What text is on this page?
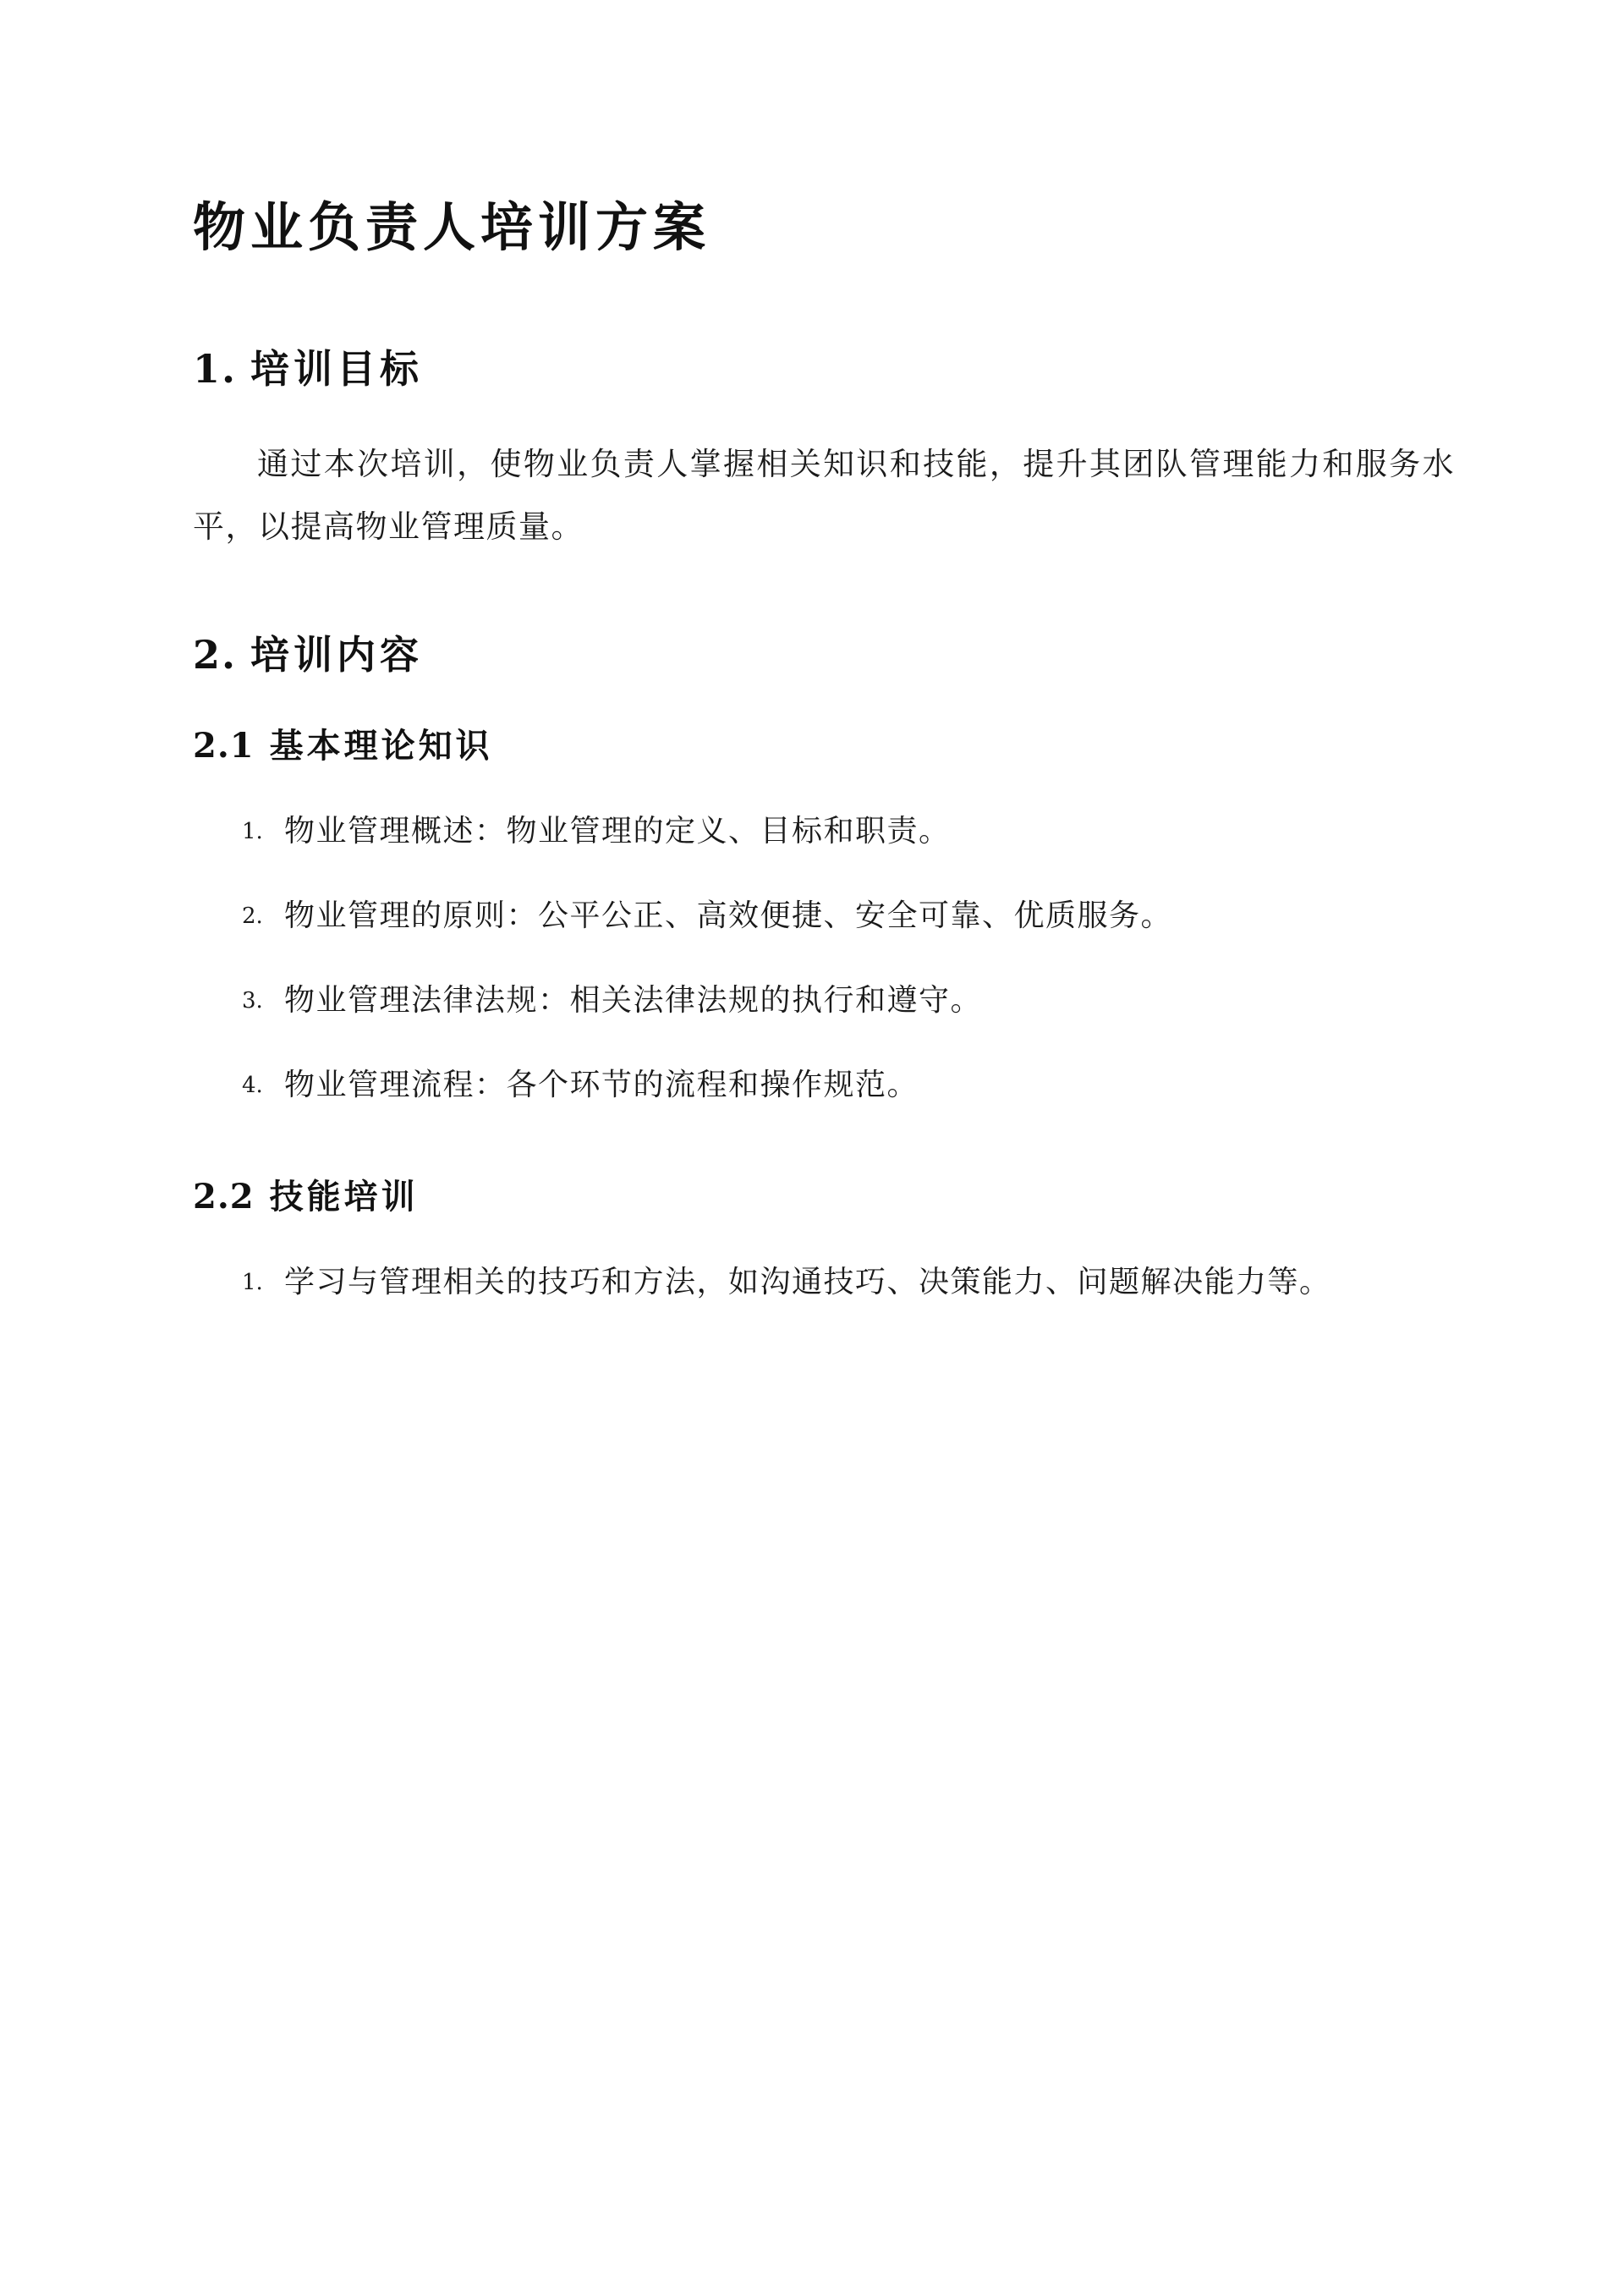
物业负责人培训方案
1. 培训目标

通过本次培训，使物业负责人掌握相关知识和技能，提升其团队管理能力和服务水平，以提高物业管理质量。

2. 培训内容
2.1 基本理论知识
1. 物业管理概述：物业管理的定义、目标和职责。
2. 物业管理的原则：公平公正、高效便捷、安全可靠、优质服务。
3. 物业管理法律法规：相关法律法规的执行和遵守。
4. 物业管理流程：各个环节的流程和操作规范。
2.2 技能培训
1. 学习与管理相关的技巧和方法，如沟通技巧、决策能力、问题解决能力等。
